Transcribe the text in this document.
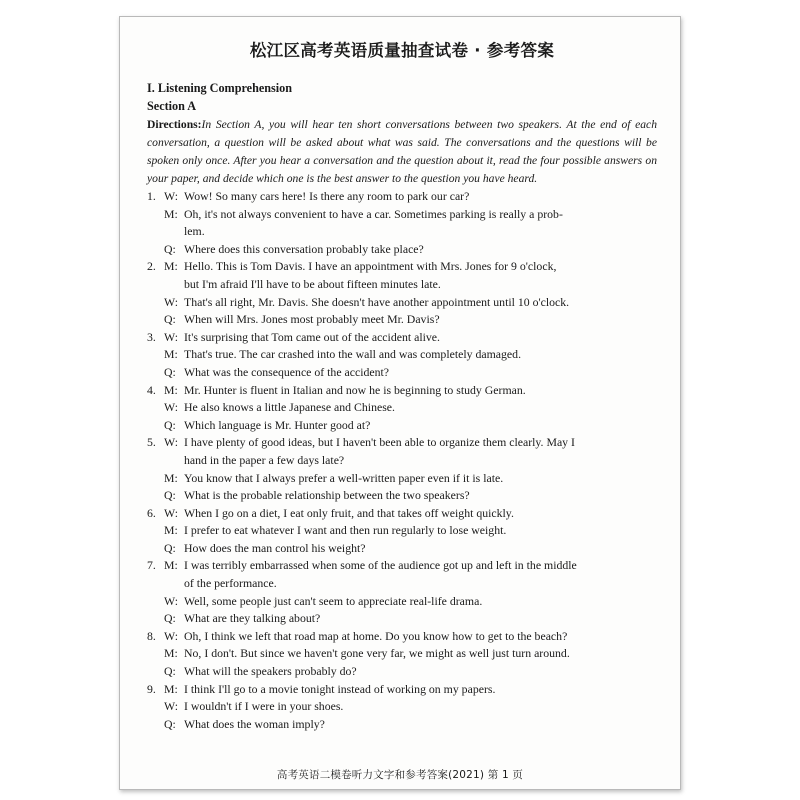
松江区高考英语质量抽查试卷 · 参考答案
I. Listening Comprehension
Section A
Directions:In Section A, you will hear ten short conversations between two speakers. At the end of each conversation, a question will be asked about what was said. The conversations and the questions will be spoken only once. After you hear a conversation and the question about it, read the four possible answers on your paper, and decide which one is the best answer to the question you have heard.
1. W: Wow! So many cars here! Is there any room to park our car?
M: Oh, it's not always convenient to have a car. Sometimes parking is really a prob-
lem.
Q: Where does this conversation probably take place?
2. M: Hello. This is Tom Davis. I have an appointment with Mrs. Jones for 9 o'clock,
but I'm afraid I'll have to be about fifteen minutes late.
W: That's all right, Mr. Davis. She doesn't have another appointment until 10 o'clock.
Q: When will Mrs. Jones most probably meet Mr. Davis?
3. W: It's surprising that Tom came out of the accident alive.
M: That's true. The car crashed into the wall and was completely damaged.
Q: What was the consequence of the accident?
4. M: Mr. Hunter is fluent in Italian and now he is beginning to study German.
W: He also knows a little Japanese and Chinese.
Q: Which language is Mr. Hunter good at?
5. W: I have plenty of good ideas, but I haven't been able to organize them clearly. May I
hand in the paper a few days late?
M: You know that I always prefer a well-written paper even if it is late.
Q: What is the probable relationship between the two speakers?
6. W: When I go on a diet, I eat only fruit, and that takes off weight quickly.
M: I prefer to eat whatever I want and then run regularly to lose weight.
Q: How does the man control his weight?
7. M: I was terribly embarrassed when some of the audience got up and left in the middle
of the performance.
W: Well, some people just can't seem to appreciate real-life drama.
Q: What are they talking about?
8. W: Oh, I think we left that road map at home. Do you know how to get to the beach?
M: No, I don't. But since we haven't gone very far, we might as well just turn around.
Q: What will the speakers probably do?
9. M: I think I'll go to a movie tonight instead of working on my papers.
W: I wouldn't if I were in your shoes.
Q: What does the woman imply?
高考英语二模卷听力文字和参考答案(2021) 第 1 页
